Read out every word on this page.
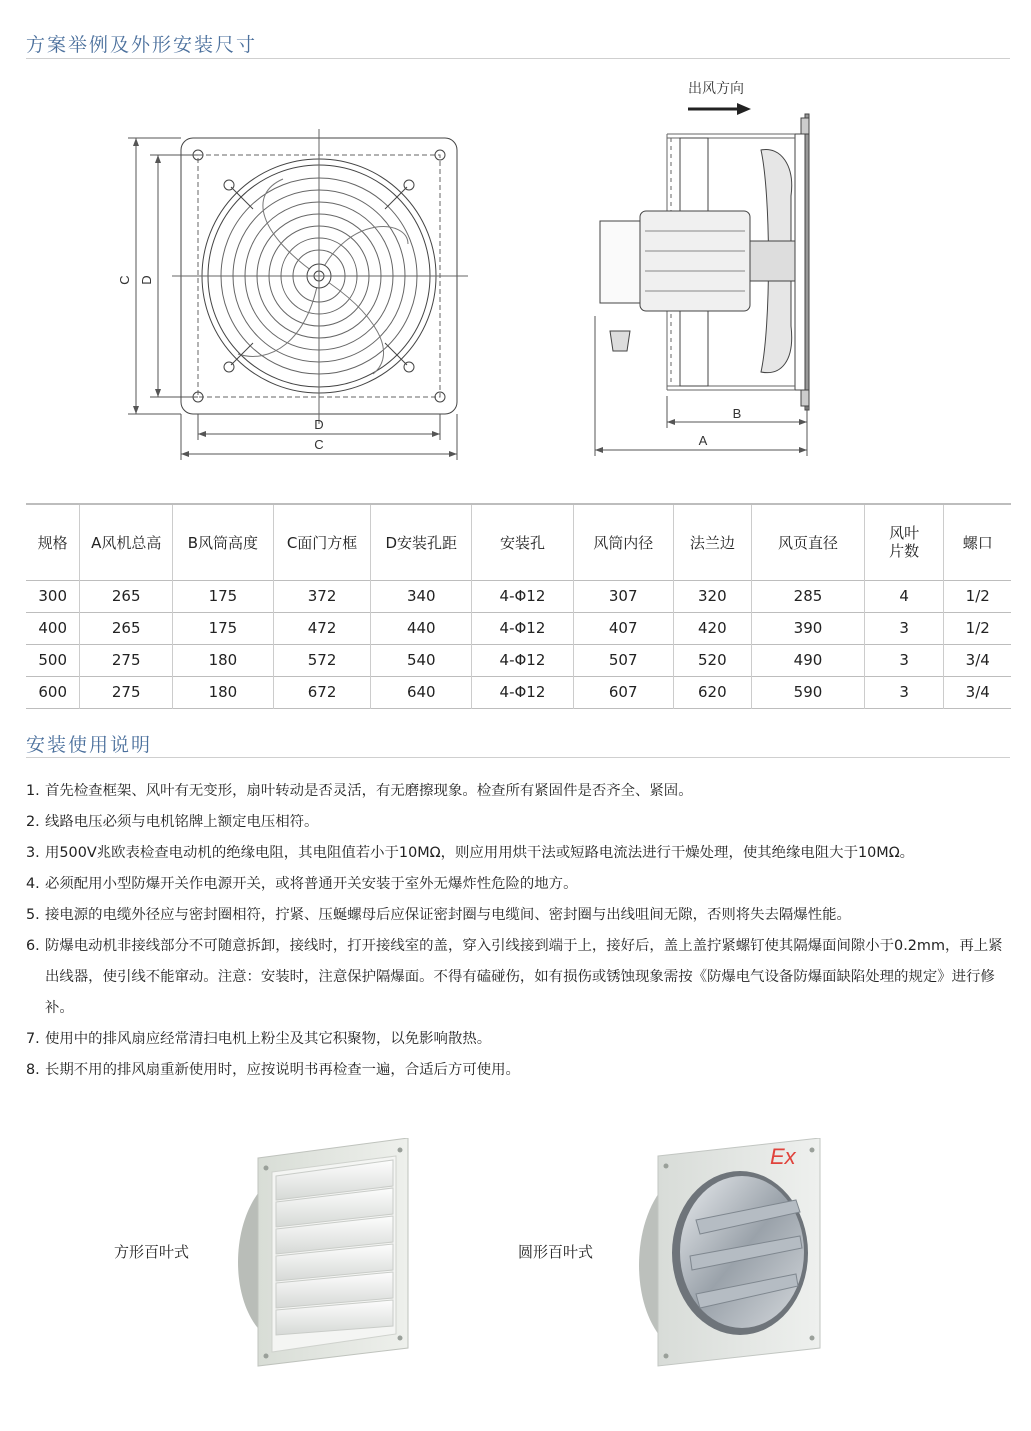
方案举例及外形安装尺寸
C D
D
C
出风方向
B
A
规格	A风机总高	B风筒高度	C面门方框	D安装孔距	安装孔	风筒内径	法兰边	风页直径	风叶
片数	螺口
300	265	175	372	340	4-Φ12	307	320	285	4	1/2
400	265	175	472	440	4-Φ12	407	420	390	3	1/2
500	275	180	572	540	4-Φ12	507	520	490	3	3/4
600	275	180	672	640	4-Φ12	607	620	590	3	3/4
安装使用说明
1. 首先检查框架、风叶有无变形，扇叶转动是否灵活，有无磨擦现象。检查所有紧固件是否齐全、紧固。
2. 线路电压必须与电机铭牌上额定电压相符。
3. 用500V兆欧表检查电动机的绝缘电阻，其电阻值若小于10MΩ，则应用用烘干法或短路电流法进行干燥处理，使其绝缘电阻大于10MΩ。
4. 必须配用小型防爆开关作电源开关，或将普通开关安装于室外无爆炸性危险的地方。
5. 接电源的电缆外径应与密封圈相符，拧紧、压蜒螺母后应保证密封圈与电缆间、密封圈与出线咀间无隙，否则将失去隔爆性能。
6. 防爆电动机非接线部分不可随意拆卸，接线时，打开接线室的盖，穿入引线接到端于上，接好后，盖上盖拧紧螺钉使其隔爆面间隙小于0.2mm，再上紧出线器，使引线不能窜动。注意：安装时，注意保护隔爆面。不得有磕碰伤，如有损伤或锈蚀现象需按《防爆电气设备防爆面缺陷处理的规定》进行修补。
7. 使用中的排风扇应经常清扫电机上粉尘及其它积聚物，以免影响散热。
8. 长期不用的排风扇重新使用时，应按说明书再检查一遍，合适后方可使用。
方形百叶式	圆形百叶式
Ex
